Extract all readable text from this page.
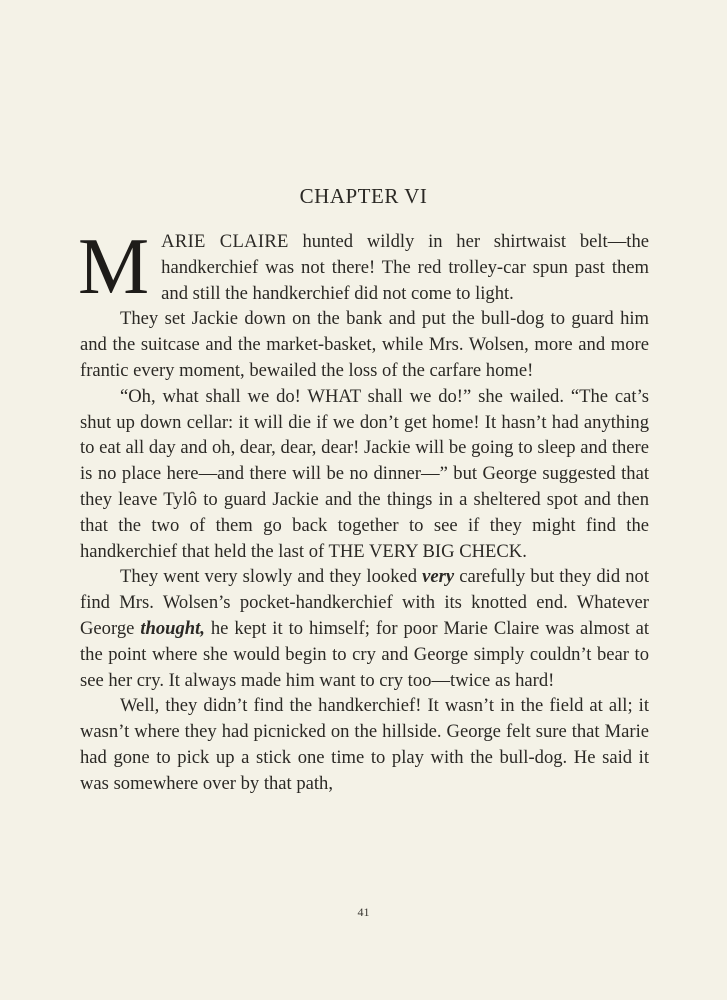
CHAPTER VI

MARIE CLAIRE hunted wildly in her shirtwaist belt—the handkerchief was not there! The red trolley-car spun past them and still the handkerchief did not come to light.

They set Jackie down on the bank and put the bull-dog to guard him and the suitcase and the market-basket, while Mrs. Wolsen, more and more frantic every moment, bewailed the loss of the carfare home!

“Oh, what shall we do! WHAT shall we do!” she wailed. “The cat’s shut up down cellar: it will die if we don’t get home! It hasn’t had anything to eat all day and oh, dear, dear, dear! Jackie will be going to sleep and there is no place here—and there will be no dinner—” but George suggested that they leave Tylô to guard Jackie and the things in a sheltered spot and then that the two of them go back together to see if they might find the handkerchief that held the last of THE VERY BIG CHECK.

They went very slowly and they looked very carefully but they did not find Mrs. Wolsen’s pocket-handkerchief with its knotted end. Whatever George thought, he kept it to himself; for poor Marie Claire was almost at the point where she would begin to cry and George simply couldn’t bear to see her cry. It always made him want to cry too—twice as hard!

Well, they didn’t find the handkerchief! It wasn’t in the field at all; it wasn’t where they had picnicked on the hillside. George felt sure that Marie had gone to pick up a stick one time to play with the bull-dog. He said it was somewhere over by that path,

41
